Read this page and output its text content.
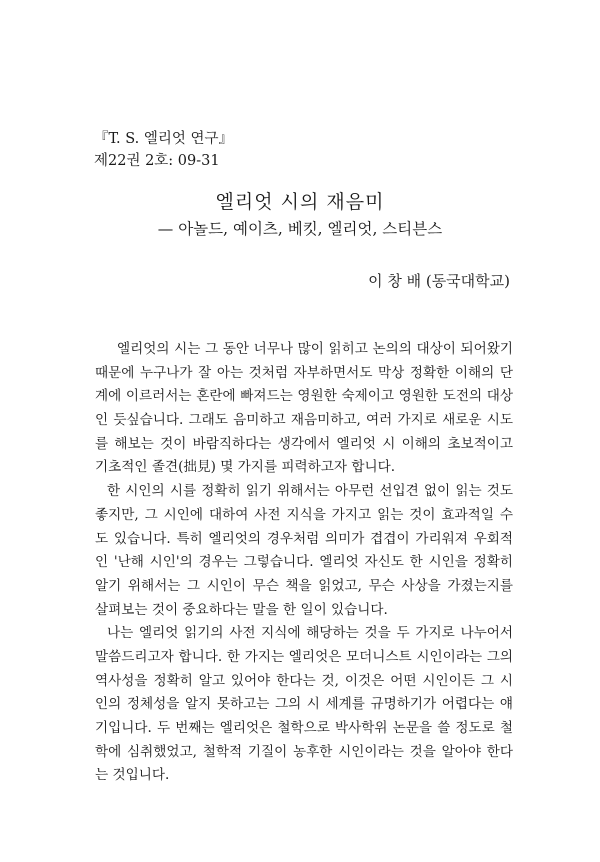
『T. S. 엘리엇 연구』
제22권 2호: 09-31
엘리엇 시의 재음미
— 아놀드, 예이츠, 베킷, 엘리엇, 스티븐스
이 창 배 (동국대학교)
엘리엇의 시는 그 동안 너무나 많이 읽히고 논의의 대상이 되어왔기
때문에 누구나가 잘 아는 것처럼 자부하면서도 막상 정확한 이해의 단
계에 이르러서는 혼란에 빠져드는 영원한 숙제이고 영원한 도전의 대상
인 듯싶습니다. 그래도 음미하고 재음미하고, 여러 가지로 새로운 시도
를 해보는 것이 바람직하다는 생각에서 엘리엇 시 이해의 초보적이고
기초적인 졸견(拙見) 몇 가지를 피력하고자 합니다.
한 시인의 시를 정확히 읽기 위해서는 아무런 선입견 없이 읽는 것도
좋지만, 그 시인에 대하여 사전 지식을 가지고 읽는 것이 효과적일 수
도 있습니다. 특히 엘리엇의 경우처럼 의미가 겹겹이 가리워져 우회적
인 '난해 시인'의 경우는 그렇습니다. 엘리엇 자신도 한 시인을 정확히
알기 위해서는 그 시인이 무슨 책을 읽었고, 무슨 사상을 가졌는지를
살펴보는 것이 중요하다는 말을 한 일이 있습니다.
나는 엘리엇 읽기의 사전 지식에 해당하는 것을 두 가지로 나누어서
말씀드리고자 합니다. 한 가지는 엘리엇은 모더니스트 시인이라는 그의
역사성을 정확히 알고 있어야 한다는 것, 이것은 어떤 시인이든 그 시
인의 정체성을 알지 못하고는 그의 시 세계를 규명하기가 어렵다는 얘
기입니다. 두 번째는 엘리엇은 철학으로 박사학위 논문을 쓸 정도로 철
학에 심취했었고, 철학적 기질이 농후한 시인이라는 것을 알아야 한다
는 것입니다.
